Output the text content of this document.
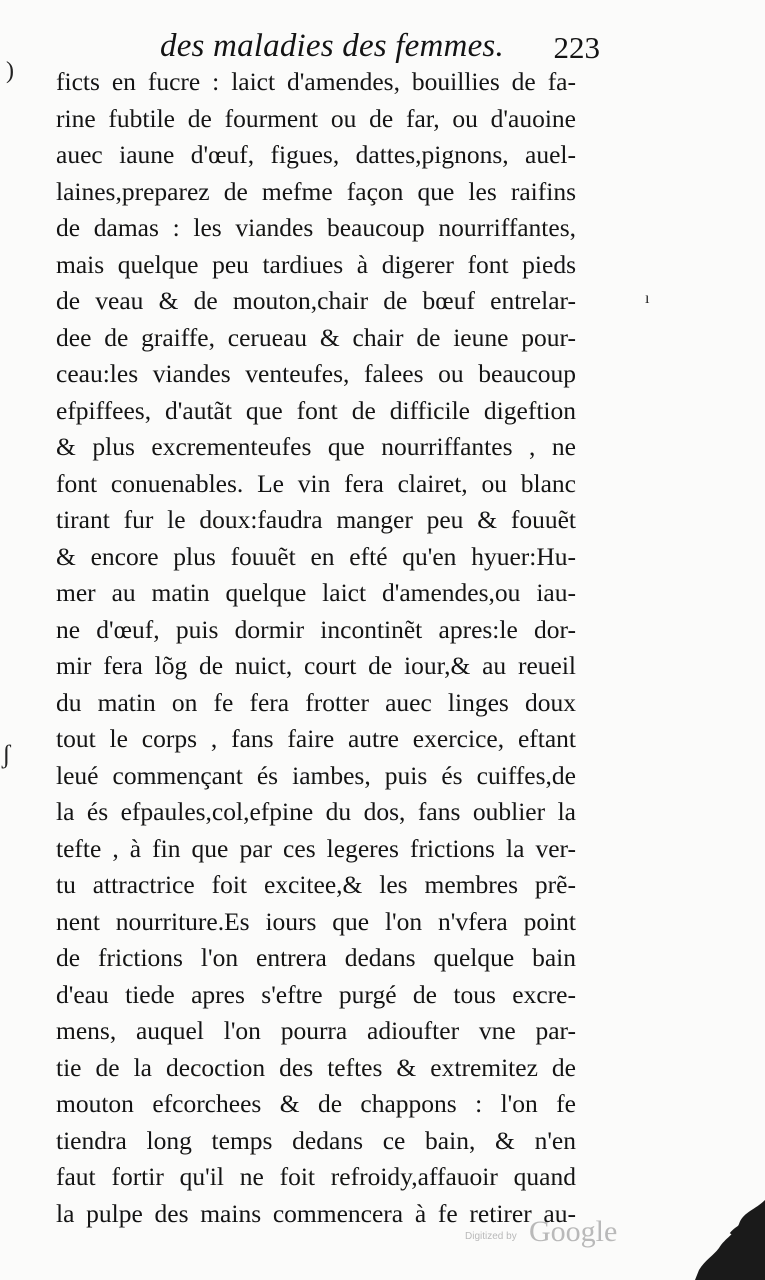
des maladies des femmes. 223
)
ı
ʃ
ficts en fucre : laict d'amendes, bouillies de fa-
rine fubtile de fourment ou de far, ou d'auoine
auec iaune d'œuf, figues, dattes,pignons, auel-
laines,preparez de mefme façon que les raifins
de damas : les viandes beaucoup nourriffantes,
mais quelque peu tardiues à digerer font pieds
de veau & de mouton,chair de bœuf entrelar-
dee de graiffe, cerueau & chair de ieune pour-
ceau:les viandes venteufes, falees ou beaucoup
efpiffees, d'autãt que font de difficile digeftion
& plus excrementeufes que nourriffantes , ne
font conuenables. Le vin fera clairet, ou blanc
tirant fur le doux:faudra manger peu & fouuẽt
& encore plus fouuẽt en efté qu'en hyuer:Hu-
mer au matin quelque laict d'amendes,ou iau-
ne d'œuf, puis dormir incontinẽt apres:le dor-
mir fera lõg de nuict, court de iour,& au reueil
du matin on fe fera frotter auec linges doux
tout le corps , fans faire autre exercice, eftant
leué commençant és iambes, puis és cuiffes,de
la és efpaules,col,efpine du dos, fans oublier la
tefte , à fin que par ces legeres frictions la ver-
tu attractrice foit excitee,& les membres prẽ-
nent nourriture.Es iours que l'on n'vfera point
de frictions l'on entrera dedans quelque bain
d'eau tiede apres s'eftre purgé de tous excre-
mens, auquel l'on pourra adioufter vne par-
tie de la decoction des teftes & extremitez de
mouton efcorchees & de chappons : l'on fe
tiendra long temps dedans ce bain, & n'en
faut fortir qu'il ne foit refroidy,affauoir quand
la pulpe des mains commencera à fe retirer au-
Digitized by Google
